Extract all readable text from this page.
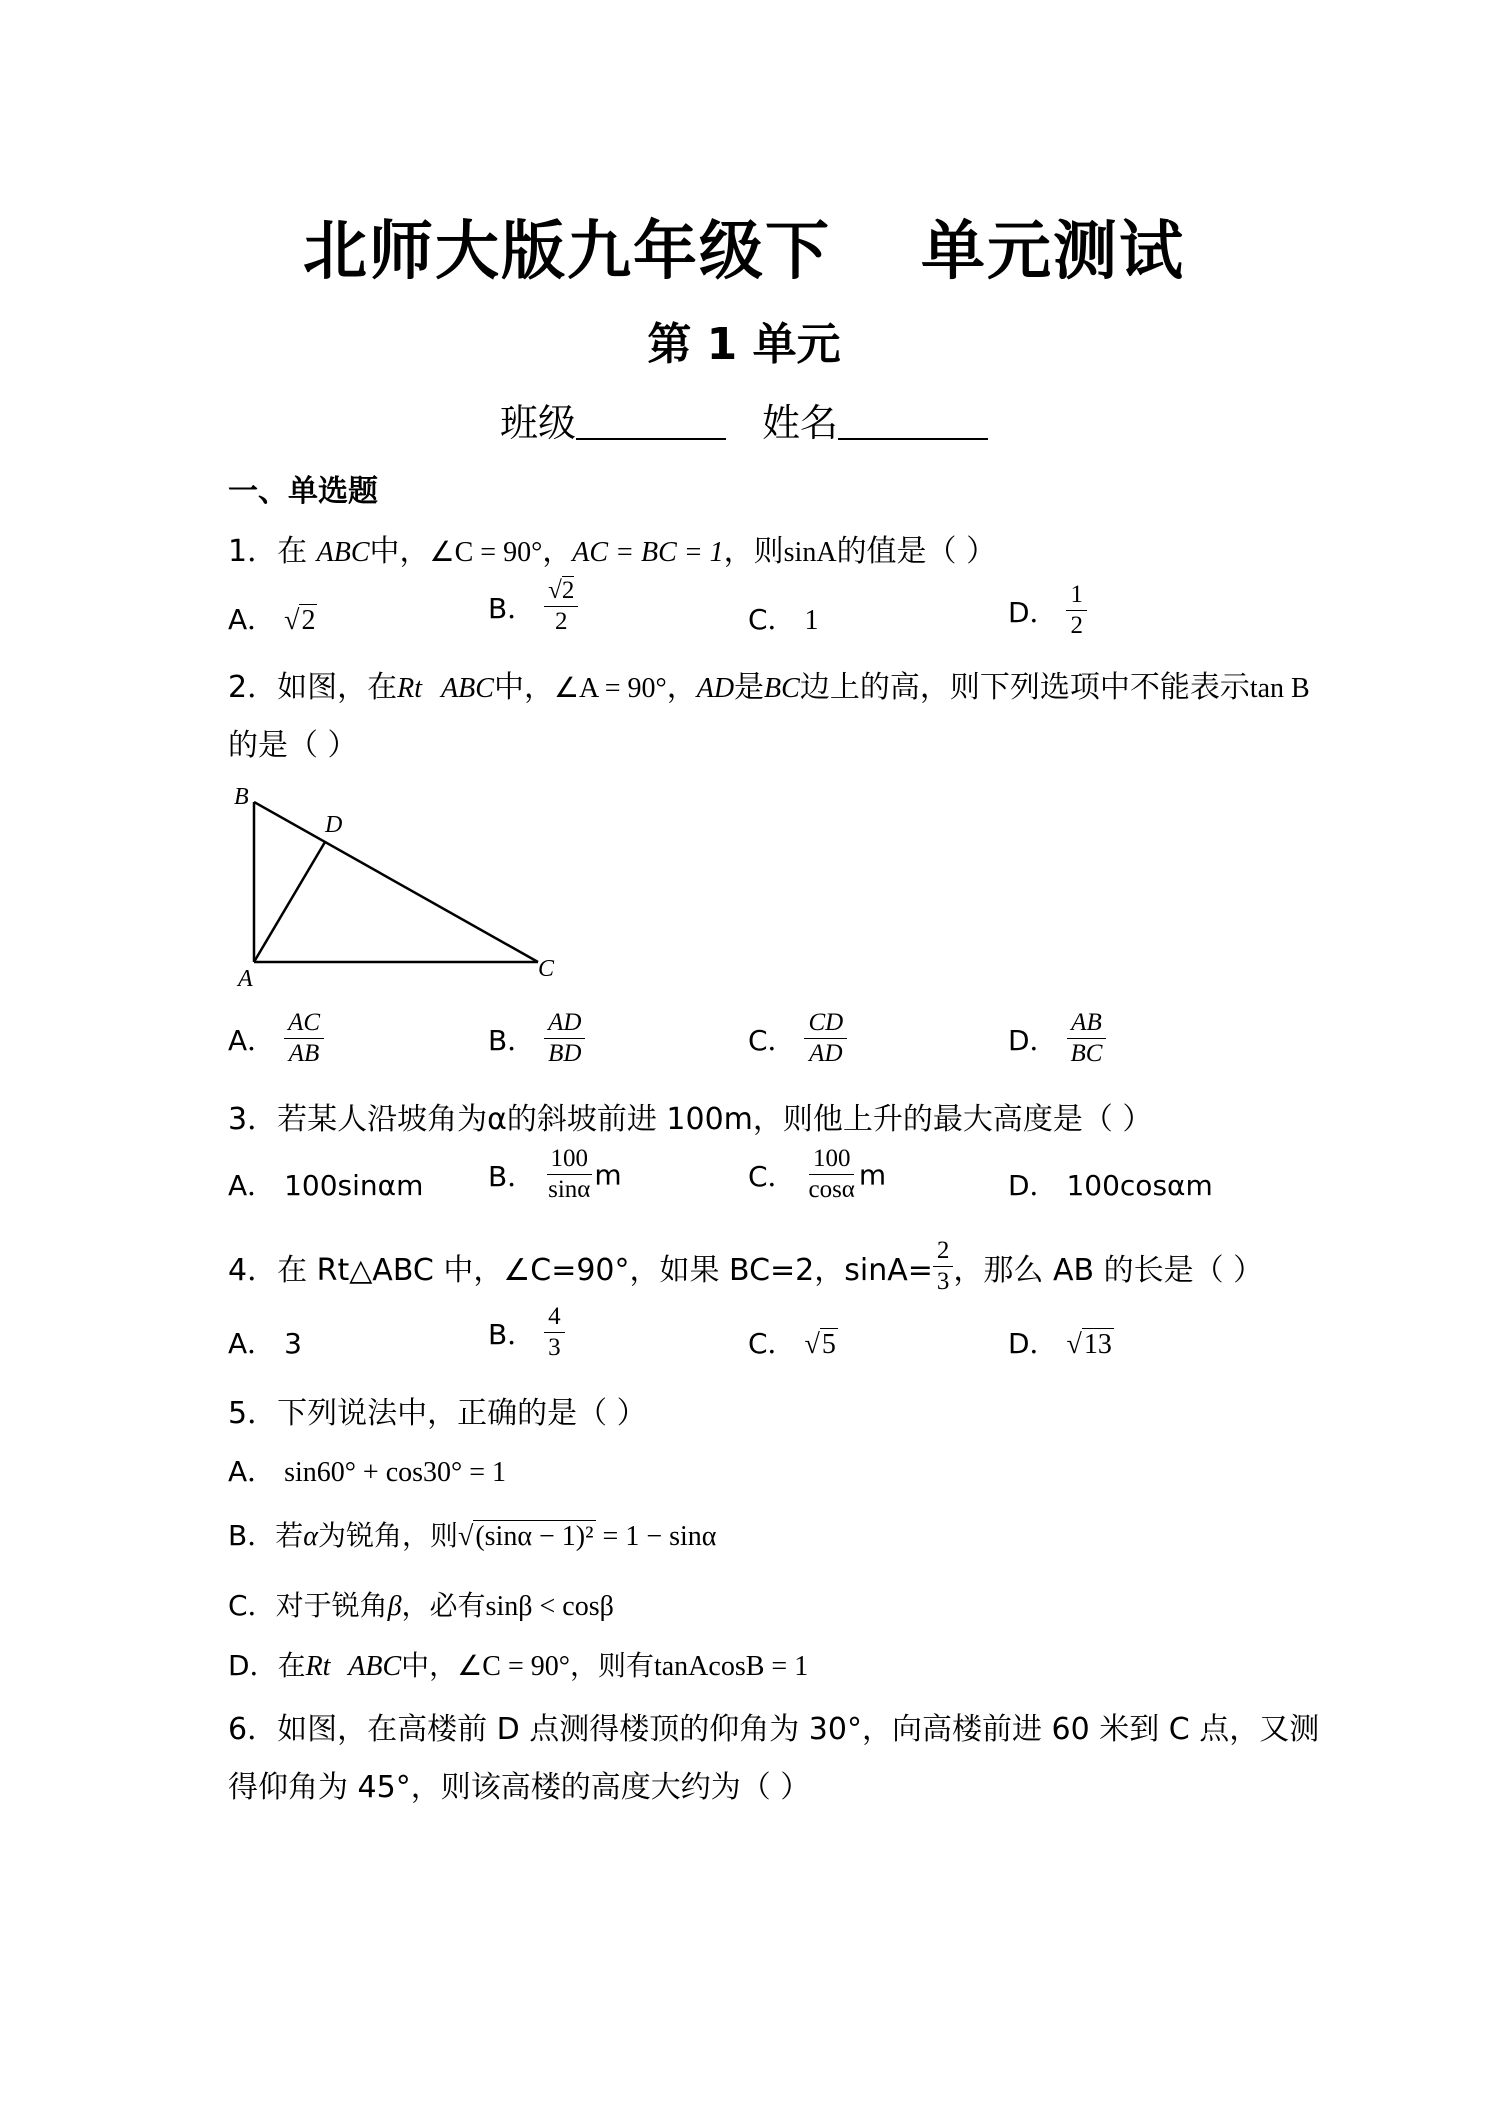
北师大版九年级下 单元测试
第 1 单元
班级	姓名
一、单选题
1．在 ABC中，∠C = 90°，AC = BC = 1，则sinA的值是（ ）
A． √2	B． $\frac{√2}{2}$	C． 1	D． $\frac{1}{2}$
2．如图，在Rt ABC中，∠A = 90°，AD是BC边上的高，则下列选项中不能表示tan B
的是（ ）
B
D
A	C
A． $\frac{AC}{AB}$	B． $\frac{AD}{BD}$	C． $\frac{CD}{AD}$	D． $\frac{AB}{BC}$
3．若某人沿坡角为α的斜坡前进 100m，则他上升的最大高度是（ ）
A． 100sinαm B． $\frac{100}{\sin\alpha}$ m	C． $\frac{100}{\cos\alpha}$ m	D． 100cosαm
4．在 Rt△ABC 中，∠C=90°，如果 BC=2，$\sin A= \frac{2}{3}$ ，那么 AB 的长是（ ）
A． 3	B． $\frac{4}{3}$	C． √5	D． √13
5．下列说法中，正确的是（ ）
A． sin60° + cos30° = 1
B．若α为锐角，则√(sinα − 1)² = 1 − sinα
C．对于锐角β，必有sinβ < cosβ
D．在Rt ABC中，∠C = 90°，则有tanAcosB = 1
6．如图，在高楼前 D 点测得楼顶的仰角为 30°，向高楼前进 60 米到 C 点，又测
得仰角为 45°，则该高楼的高度大约为（ ）
